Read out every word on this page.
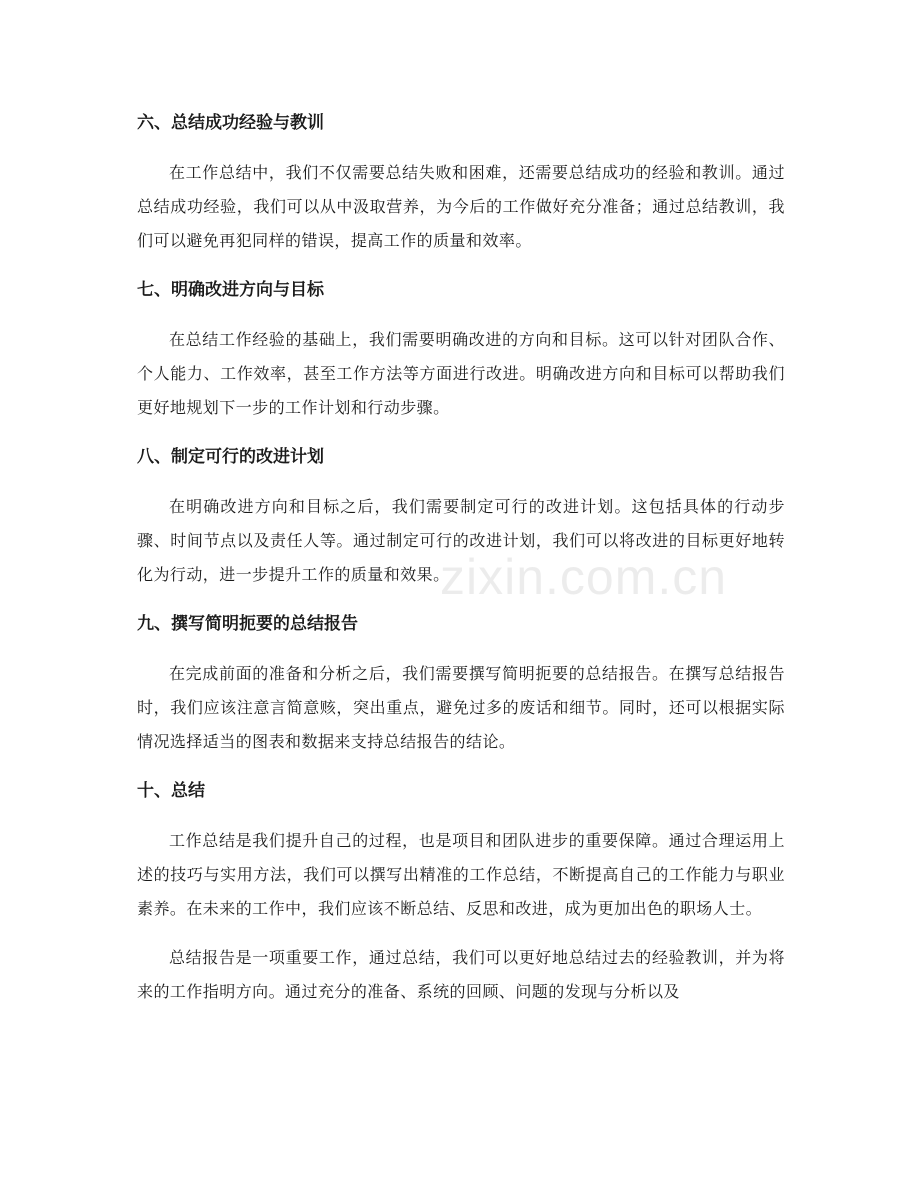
zixin.com.cn
六、总结成功经验与教训

在工作总结中，我们不仅需要总结失败和困难，还需要总结成功的经验和教训。通过总结成功经验，我们可以从中汲取营养，为今后的工作做好充分准备；通过总结教训，我们可以避免再犯同样的错误，提高工作的质量和效率。

七、明确改进方向与目标

在总结工作经验的基础上，我们需要明确改进的方向和目标。这可以针对团队合作、个人能力、工作效率，甚至工作方法等方面进行改进。明确改进方向和目标可以帮助我们更好地规划下一步的工作计划和行动步骤。

八、制定可行的改进计划

在明确改进方向和目标之后，我们需要制定可行的改进计划。这包括具体的行动步骤、时间节点以及责任人等。通过制定可行的改进计划，我们可以将改进的目标更好地转化为行动，进一步提升工作的质量和效果。

九、撰写简明扼要的总结报告

在完成前面的准备和分析之后，我们需要撰写简明扼要的总结报告。在撰写总结报告时，我们应该注意言简意赅，突出重点，避免过多的废话和细节。同时，还可以根据实际情况选择适当的图表和数据来支持总结报告的结论。

十、总结

工作总结是我们提升自己的过程，也是项目和团队进步的重要保障。通过合理运用上述的技巧与实用方法，我们可以撰写出精准的工作总结，不断提高自己的工作能力与职业素养。在未来的工作中，我们应该不断总结、反思和改进，成为更加出色的职场人士。

总结报告是一项重要工作，通过总结，我们可以更好地总结过去的经验教训，并为将来的工作指明方向。通过充分的准备、系统的回顾、问题的发现与分析以及
